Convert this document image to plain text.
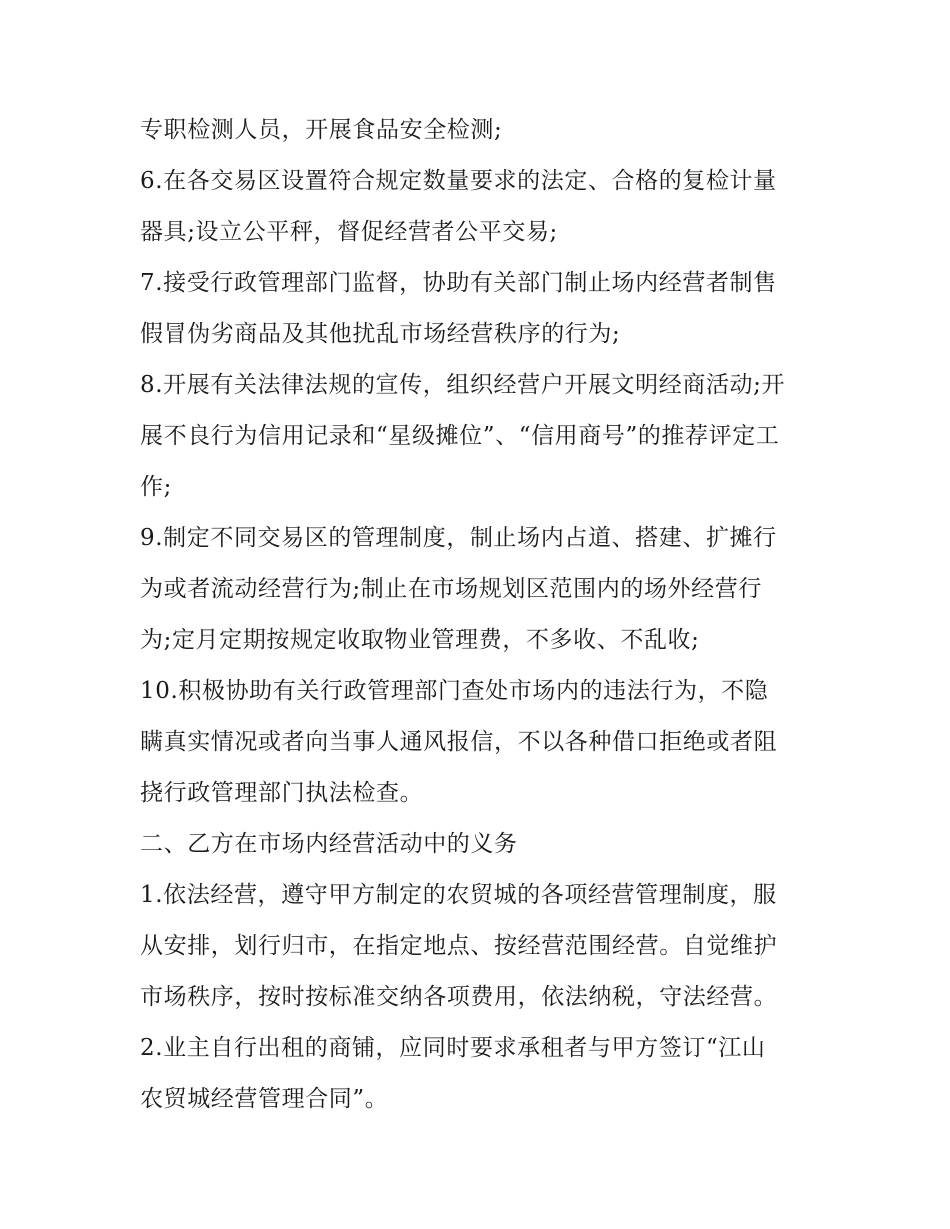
专职检测人员，开展食品安全检测;
6.在各交易区设置符合规定数量要求的法定、合格的复检计量
器具;设立公平秤，督促经营者公平交易;
7.接受行政管理部门监督，协助有关部门制止场内经营者制售
假冒伪劣商品及其他扰乱市场经营秩序的行为;
8.开展有关法律法规的宣传，组织经营户开展文明经商活动;开
展不良行为信用记录和“星级摊位”、“信用商号”的推荐评定工
作;
9.制定不同交易区的管理制度，制止场内占道、搭建、扩摊行
为或者流动经营行为;制止在市场规划区范围内的场外经营行
为;定月定期按规定收取物业管理费，不多收、不乱收;
10.积极协助有关行政管理部门查处市场内的违法行为，不隐
瞒真实情况或者向当事人通风报信，不以各种借口拒绝或者阻
挠行政管理部门执法检查。
二、乙方在市场内经营活动中的义务
1.依法经营，遵守甲方制定的农贸城的各项经营管理制度，服
从安排，划行归市，在指定地点、按经营范围经营。自觉维护
市场秩序，按时按标准交纳各项费用，依法纳税，守法经营。
2.业主自行出租的商铺，应同时要求承租者与甲方签订“江山
农贸城经营管理合同”。
